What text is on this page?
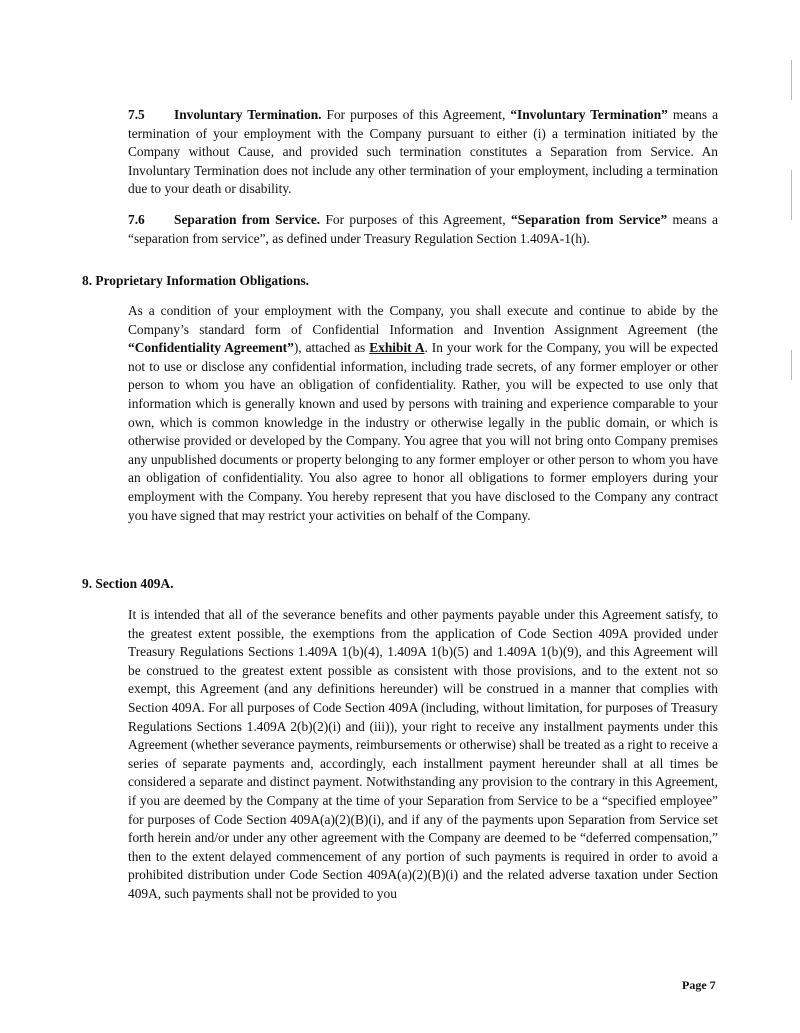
7.5 Involuntary Termination. For purposes of this Agreement, “Involuntary Termination” means a termination of your employment with the Company pursuant to either (i) a termination initiated by the Company without Cause, and provided such termination constitutes a Separation from Service. An Involuntary Termination does not include any other termination of your employment, including a termination due to your death or disability.
7.6 Separation from Service. For purposes of this Agreement, “Separation from Service” means a “separation from service”, as defined under Treasury Regulation Section 1.409A-1(h).
8. Proprietary Information Obligations.
As a condition of your employment with the Company, you shall execute and continue to abide by the Company’s standard form of Confidential Information and Invention Assignment Agreement (the “Confidentiality Agreement”), attached as Exhibit A. In your work for the Company, you will be expected not to use or disclose any confidential information, including trade secrets, of any former employer or other person to whom you have an obligation of confidentiality. Rather, you will be expected to use only that information which is generally known and used by persons with training and experience comparable to your own, which is common knowledge in the industry or otherwise legally in the public domain, or which is otherwise provided or developed by the Company. You agree that you will not bring onto Company premises any unpublished documents or property belonging to any former employer or other person to whom you have an obligation of confidentiality. You also agree to honor all obligations to former employers during your employment with the Company. You hereby represent that you have disclosed to the Company any contract you have signed that may restrict your activities on behalf of the Company.
9. Section 409A.
It is intended that all of the severance benefits and other payments payable under this Agreement satisfy, to the greatest extent possible, the exemptions from the application of Code Section 409A provided under Treasury Regulations Sections 1.409A 1(b)(4), 1.409A 1(b)(5) and 1.409A 1(b)(9), and this Agreement will be construed to the greatest extent possible as consistent with those provisions, and to the extent not so exempt, this Agreement (and any definitions hereunder) will be construed in a manner that complies with Section 409A. For all purposes of Code Section 409A (including, without limitation, for purposes of Treasury Regulations Sections 1.409A 2(b)(2)(i) and (iii)), your right to receive any installment payments under this Agreement (whether severance payments, reimbursements or otherwise) shall be treated as a right to receive a series of separate payments and, accordingly, each installment payment hereunder shall at all times be considered a separate and distinct payment. Notwithstanding any provision to the contrary in this Agreement, if you are deemed by the Company at the time of your Separation from Service to be a “specified employee” for purposes of Code Section 409A(a)(2)(B)(i), and if any of the payments upon Separation from Service set forth herein and/or under any other agreement with the Company are deemed to be “deferred compensation,” then to the extent delayed commencement of any portion of such payments is required in order to avoid a prohibited distribution under Code Section 409A(a)(2)(B)(i) and the related adverse taxation under Section 409A, such payments shall not be provided to you
Page 7
